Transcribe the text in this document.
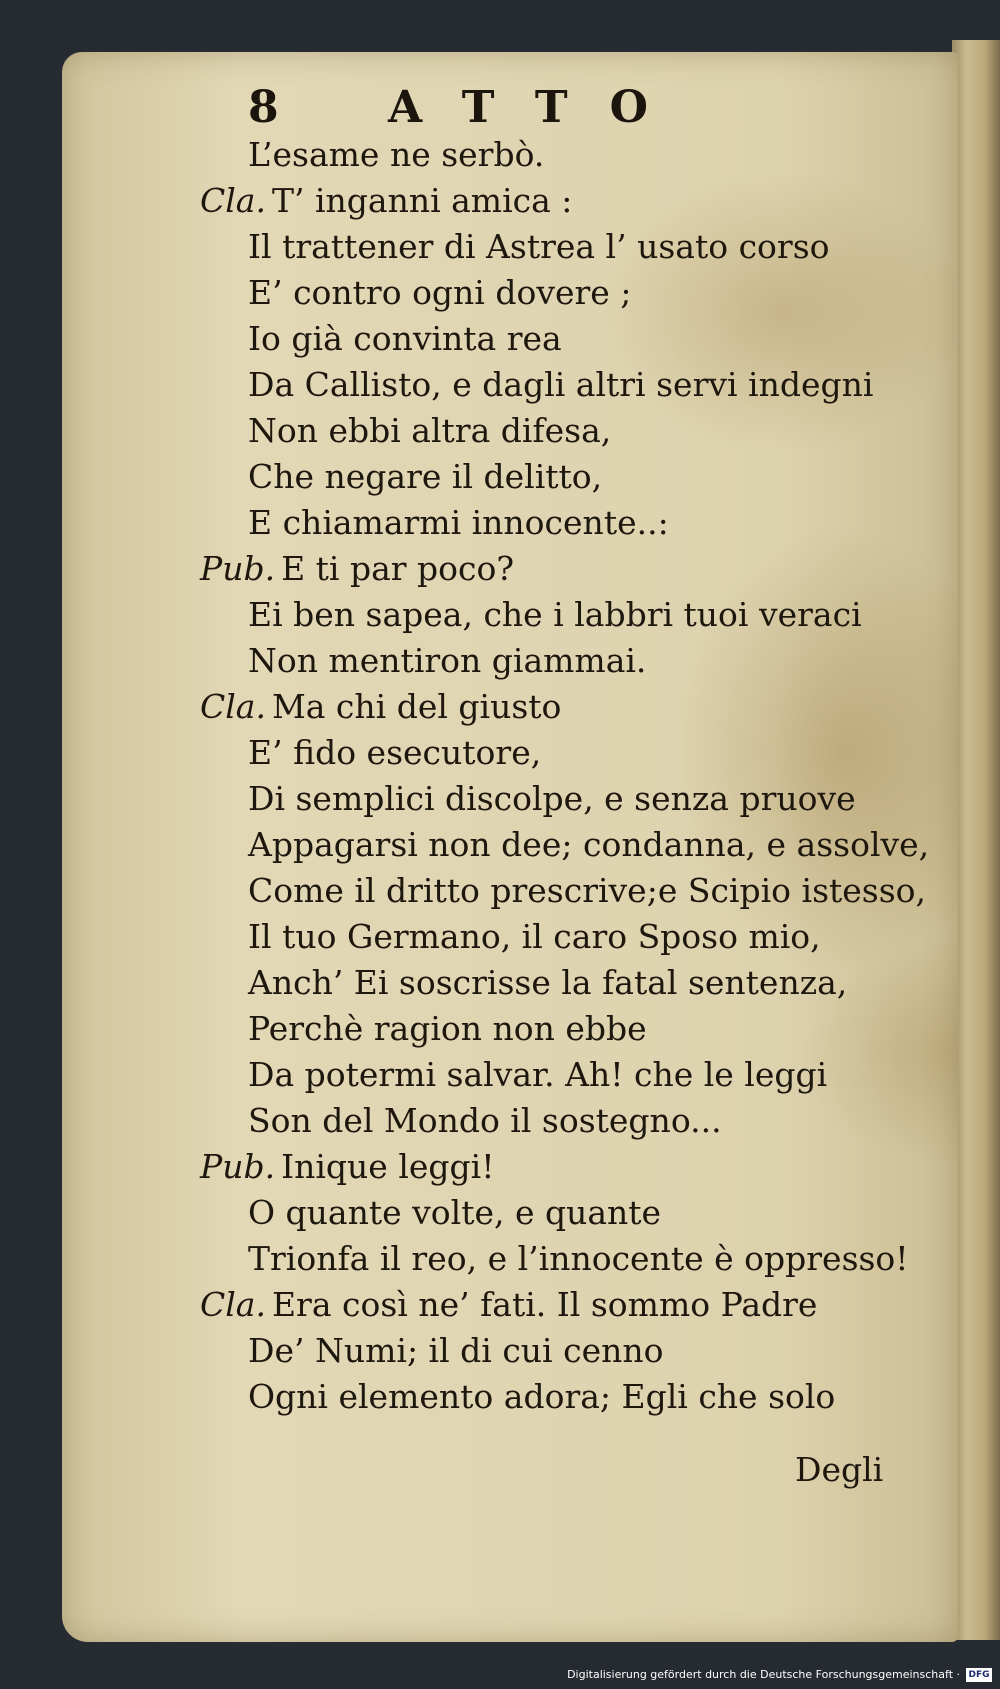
8 ATTO
L’esame ne serbò.
Cla. T’ inganni amica :
Il trattener di Astrea l’ usato corso
E’ contro ogni dovere ;
Io già convinta rea
Da Callisto, e dagli altri servi indegni
Non ebbi altra difesa,
Che negare il delitto,
E chiamarmi innocente..:
Pub. E ti par poco?
Ei ben sapea, che i labbri tuoi veraci
Non mentiron giammai.
Cla. Ma chi del giusto
E’ fido esecutore,
Di semplici discolpe, e senza pruove
Appagarsi non dee; condanna, e assolve,
Come il dritto prescrive;e Scipio istesso,
Il tuo Germano, il caro Sposo mio,
Anch’ Ei soscrisse la fatal sentenza,
Perchè ragion non ebbe
Da potermi salvar. Ah! che le leggi
Son del Mondo il sostegno...
Pub. Inique leggi!
O quante volte, e quante
Trionfa il reo, e l’innocente è oppresso!
Cla. Era così ne’ fati. Il sommo Padre
De’ Numi; il di cui cenno
Ogni elemento adora; Egli che solo
Degli
Digitalisierung gefördert durch die Deutsche Forschungsgemeinschaft · DFG
